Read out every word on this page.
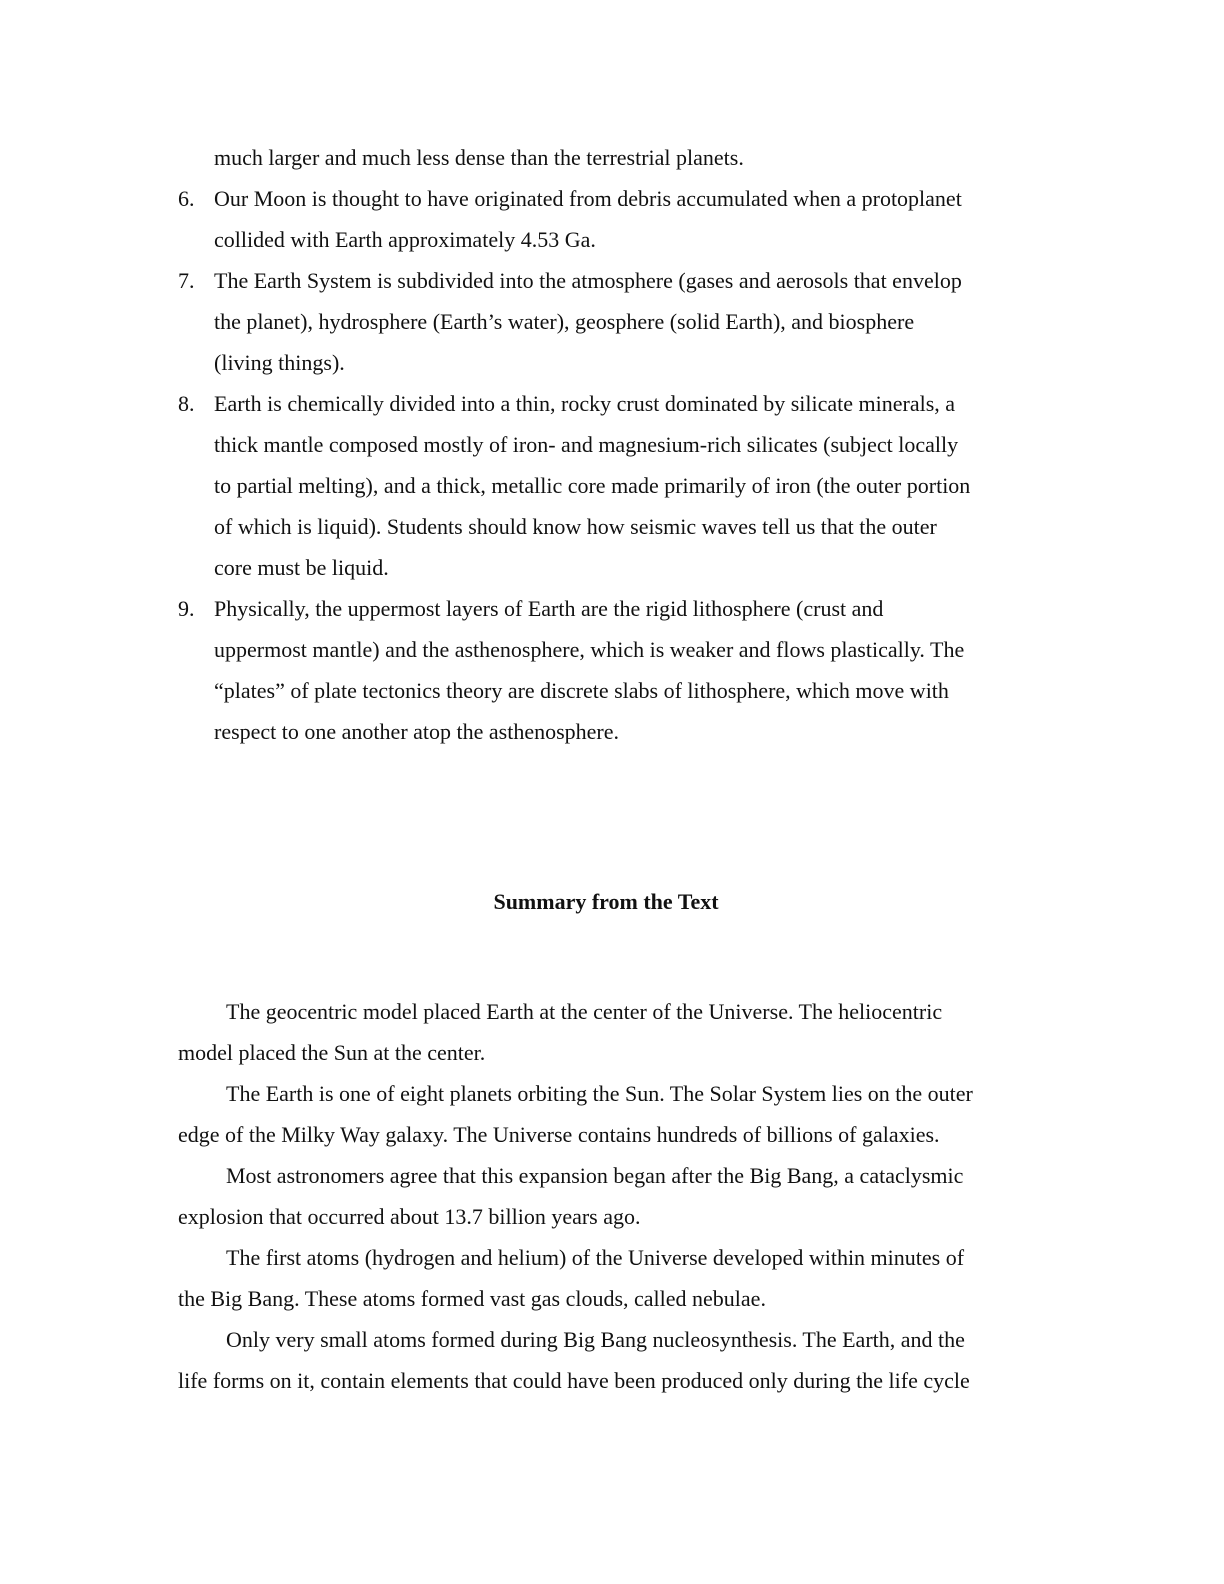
much larger and much less dense than the terrestrial planets.
6. Our Moon is thought to have originated from debris accumulated when a protoplanet
collided with Earth approximately 4.53 Ga.
7. The Earth System is subdivided into the atmosphere (gases and aerosols that envelop
the planet), hydrosphere (Earth’s water), geosphere (solid Earth), and biosphere
(living things).
8. Earth is chemically divided into a thin, rocky crust dominated by silicate minerals, a
thick mantle composed mostly of iron- and magnesium-rich silicates (subject locally
to partial melting), and a thick, metallic core made primarily of iron (the outer portion
of which is liquid). Students should know how seismic waves tell us that the outer
core must be liquid.
9. Physically, the uppermost layers of Earth are the rigid lithosphere (crust and
uppermost mantle) and the asthenosphere, which is weaker and flows plastically. The
“plates” of plate tectonics theory are discrete slabs of lithosphere, which move with
respect to one another atop the asthenosphere.
Summary from the Text
The geocentric model placed Earth at the center of the Universe. The heliocentric
model placed the Sun at the center.
The Earth is one of eight planets orbiting the Sun. The Solar System lies on the outer
edge of the Milky Way galaxy. The Universe contains hundreds of billions of galaxies.
Most astronomers agree that this expansion began after the Big Bang, a cataclysmic
explosion that occurred about 13.7 billion years ago.
The first atoms (hydrogen and helium) of the Universe developed within minutes of
the Big Bang. These atoms formed vast gas clouds, called nebulae.
Only very small atoms formed during Big Bang nucleosynthesis. The Earth, and the
life forms on it, contain elements that could have been produced only during the life cycle
